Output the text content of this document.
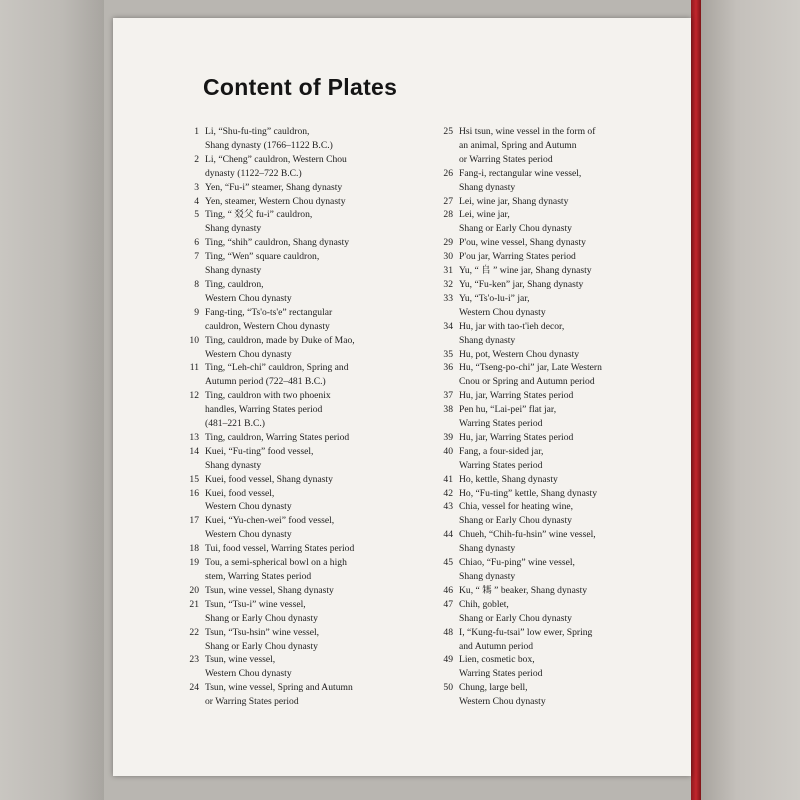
Content of Plates
1 Li, “Shu-fu-ting” cauldron,
Shang dynasty (1766–1122 B.C.)
2 Li, “Cheng” cauldron, Western Chou
dynasty (1122–722 B.C.)
3 Yen, “Fu-i” steamer, Shang dynasty
4 Yen, steamer, Western Chou dynasty
5 Ting, “ 㸚父 fu-i” cauldron,
Shang dynasty
6 Ting, “shih” cauldron, Shang dynasty
7 Ting, “Wen” square cauldron,
Shang dynasty
8 Ting, cauldron,
Western Chou dynasty
9 Fang-ting, “Ts'o-ts'e” rectangular
cauldron, Western Chou dynasty
10 Ting, cauldron, made by Duke of Mao,
Western Chou dynasty
11 Ting, “Leh-chi” cauldron, Spring and
Autumn period (722–481 B.C.)
12 Ting, cauldron with two phoenix
handles, Warring States period
(481–221 B.C.)
13 Ting, cauldron, Warring States period
14 Kuei, “Fu-ting” food vessel,
Shang dynasty
15 Kuei, food vessel, Shang dynasty
16 Kuei, food vessel,
Western Chou dynasty
17 Kuei, “Yu-chen-wei” food vessel,
Western Chou dynasty
18 Tui, food vessel, Warring States period
19 Tou, a semi-spherical bowl on a high
stem, Warring States period
20 Tsun, wine vessel, Shang dynasty
21 Tsun, “Tsu-i” wine vessel,
Shang or Early Chou dynasty
22 Tsun, “Tsu-hsin” wine vessel,
Shang or Early Chou dynasty
23 Tsun, wine vessel,
Western Chou dynasty
24 Tsun, wine vessel, Spring and Autumn
or Warring States period
25 Hsi tsun, wine vessel in the form of
an animal, Spring and Autumn
or Warring States period
26 Fang-i, rectangular wine vessel,
Shang dynasty
27 Lei, wine jar, Shang dynasty
28 Lei, wine jar,
Shang or Early Chou dynasty
29 P'ou, wine vessel, Shang dynasty
30 P'ou jar, Warring States period
31 Yu, “ 𠂤 ” wine jar, Shang dynasty
32 Yu, “Fu-ken” jar, Shang dynasty
33 Yu, “Ts'o-lu-i” jar,
Western Chou dynasty
34 Hu, jar with tao-t'ieh decor,
Shang dynasty
35 Hu, pot, Western Chou dynasty
36 Hu, “Tseng-po-chi” jar, Late Western
Cnou or Spring and Autumn period
37 Hu, jar, Warring States period
38 Pen hu, “Lai-pei” flat jar,
Warring States period
39 Hu, jar, Warring States period
40 Fang, a four-sided jar,
Warring States period
41 Ho, kettle, Shang dynasty
42 Ho, “Fu-ting” kettle, Shang dynasty
43 Chia, vessel for heating wine,
Shang or Early Chou dynasty
44 Chueh, “Chih-fu-hsin” wine vessel,
Shang dynasty
45 Chiao, “Fu-ping” wine vessel,
Shang dynasty
46 Ku, “ 𩢻 ” beaker, Shang dynasty
47 Chih, goblet,
Shang or Early Chou dynasty
48 I, “Kung-fu-tsai” low ewer, Spring
and Autumn period
49 Lien, cosmetic box,
Warring States period
50 Chung, large bell,
Western Chou dynasty
